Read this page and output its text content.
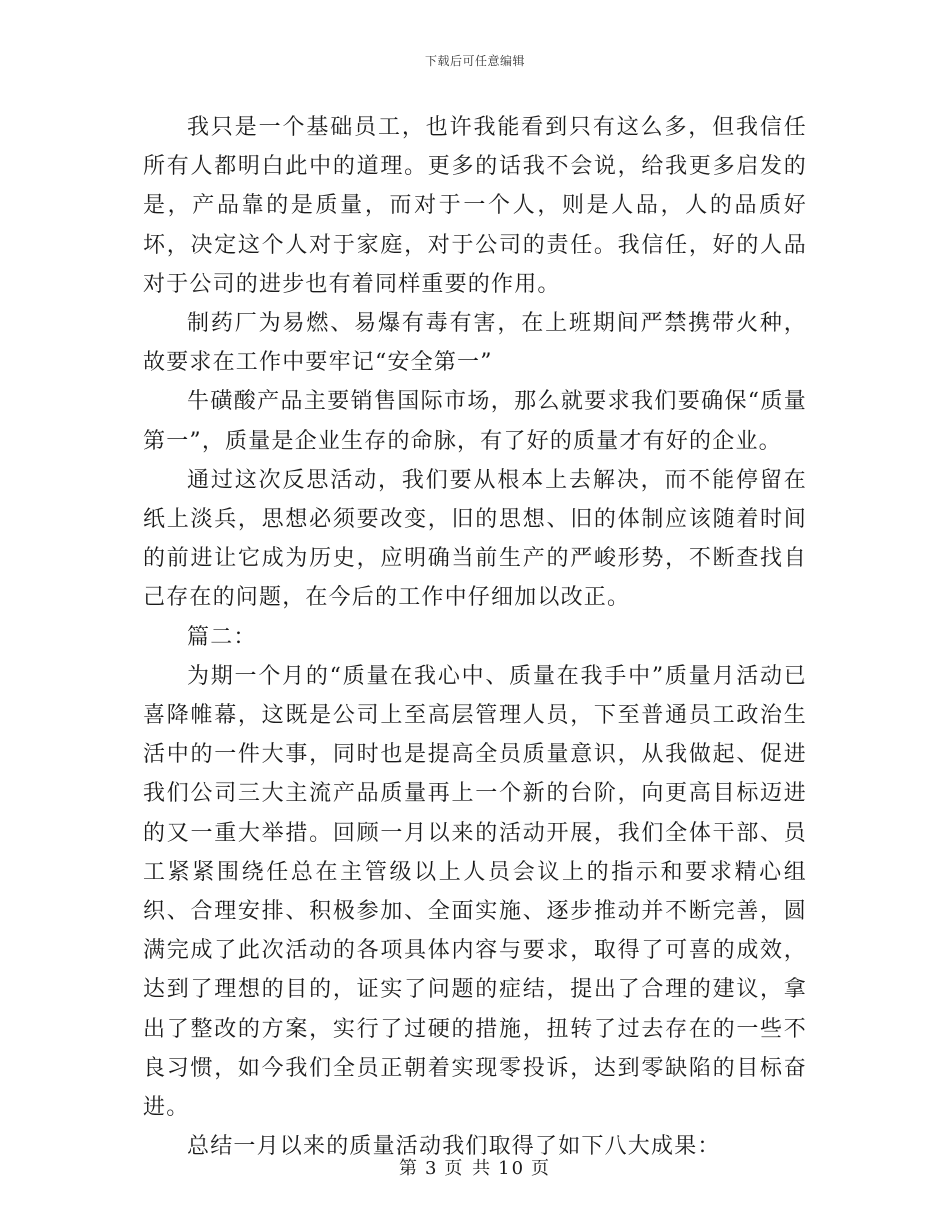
下载后可任意编辑

我只是一个基础员工，也许我能看到只有这么多，但我信任所有人都明白此中的道理。更多的话我不会说，给我更多启发的是，产品靠的是质量，而对于一个人，则是人品，人的品质好坏，决定这个人对于家庭，对于公司的责任。我信任，好的人品对于公司的进步也有着同样重要的作用。

制药厂为易燃、易爆有毒有害，在上班期间严禁携带火种，故要求在工作中要牢记“安全第一”

牛磺酸产品主要销售国际市场，那么就要求我们要确保“质量第一”，质量是企业生存的命脉，有了好的质量才有好的企业。

通过这次反思活动，我们要从根本上去解决，而不能停留在纸上淡兵，思想必须要改变，旧的思想、旧的体制应该随着时间的前进让它成为历史，应明确当前生产的严峻形势，不断查找自己存在的问题，在今后的工作中仔细加以改正。

篇二：

为期一个月的“质量在我心中、质量在我手中”质量月活动已喜降帷幕，这既是公司上至高层管理人员，下至普通员工政治生活中的一件大事，同时也是提高全员质量意识，从我做起、促进我们公司三大主流产品质量再上一个新的台阶，向更高目标迈进的又一重大举措。回顾一月以来的活动开展，我们全体干部、员工紧紧围绕任总在主管级以上人员会议上的指示和要求精心组织、合理安排、积极参加、全面实施、逐步推动并不断完善，圆满完成了此次活动的各项具体内容与要求，取得了可喜的成效，达到了理想的目的，证实了问题的症结，提出了合理的建议，拿出了整改的方案，实行了过硬的措施，扭转了过去存在的一些不良习惯，如今我们全员正朝着实现零投诉，达到零缺陷的目标奋进。

总结一月以来的质量活动我们取得了如下八大成果：

第 3 页 共 10 页
